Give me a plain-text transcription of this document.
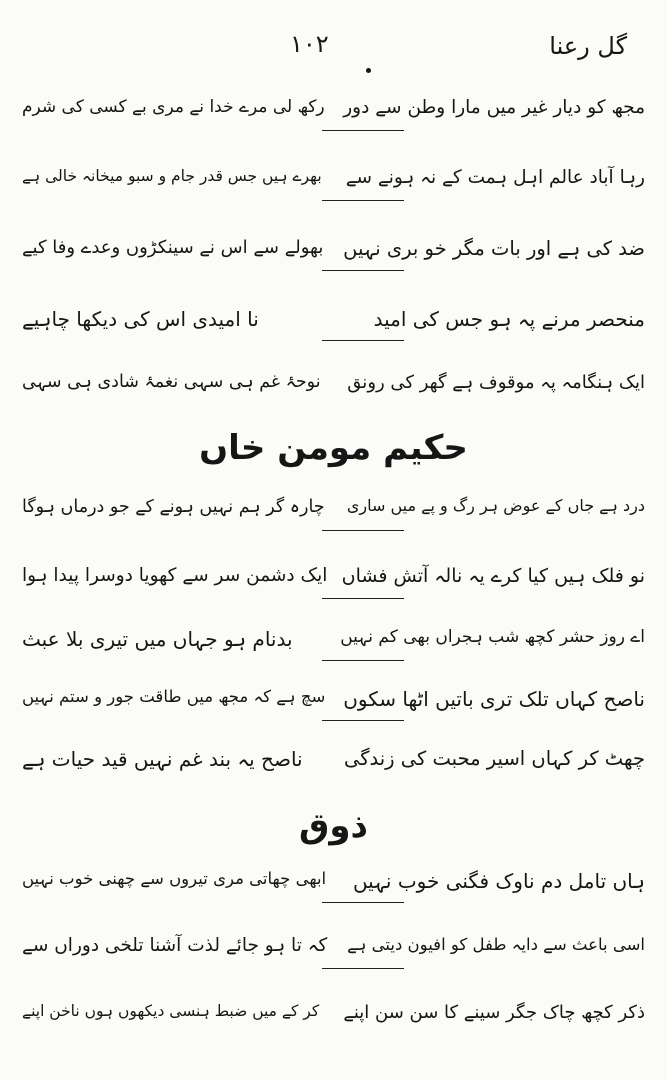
گل رعنا
۱۰۲
مجھ کو دیار غیر میں مارا وطن سے دور
رکھ لی مرے خدا نے مری بے کسی کی شرم
رہا آباد عالم اہل ہمت کے نہ ہونے سے
بھرے ہیں جس قدر جام و سبو میخانہ خالی ہے
ضد کی ہے اور بات مگر خو بری نہیں
بھولے سے اس نے سینکڑوں وعدے وفا کیے
منحصر مرنے پہ ہو جس کی امید
نا امیدی اس کی دیکھا چاہیے
ایک ہنگامہ پہ موقوف ہے گھر کی رونق
نوحۂ غم ہی سہی نغمۂ شادی ہی سہی
حکیم مومن خاں
درد ہے جاں کے عوض ہر رگ و پے میں ساری
چارہ گر ہم نہیں ہونے کے جو درماں ہوگا
نو فلک ہیں کیا کرے یہ نالہ آتش فشاں
ایک دشمن سر سے کھویا دوسرا پیدا ہوا
اے روز حشر کچھ شب ہجراں بھی کم نہیں
بدنام ہو جہاں میں تیری بلا عبث
ناصح کہاں تلک تری باتیں اٹھا سکوں
سچ ہے کہ مجھ میں طاقت جور و ستم نہیں
چھٹ کر کہاں اسیر محبت کی زندگی
ناصح یہ بند غم نہیں قید حیات ہے
ذوق
ہاں تامل دم ناوک فگنی خوب نہیں
ابھی چھاتی مری تیروں سے چھنی خوب نہیں
اسی باعث سے دایہ طفل کو افیون دیتی ہے
کہ تا ہو جائے لذت آشنا تلخی دوراں سے
ذکر کچھ چاک جگر سینے کا سن سن اپنے
کر کے میں ضبط ہنسی دیکھوں ہوں ناخن اپنے
